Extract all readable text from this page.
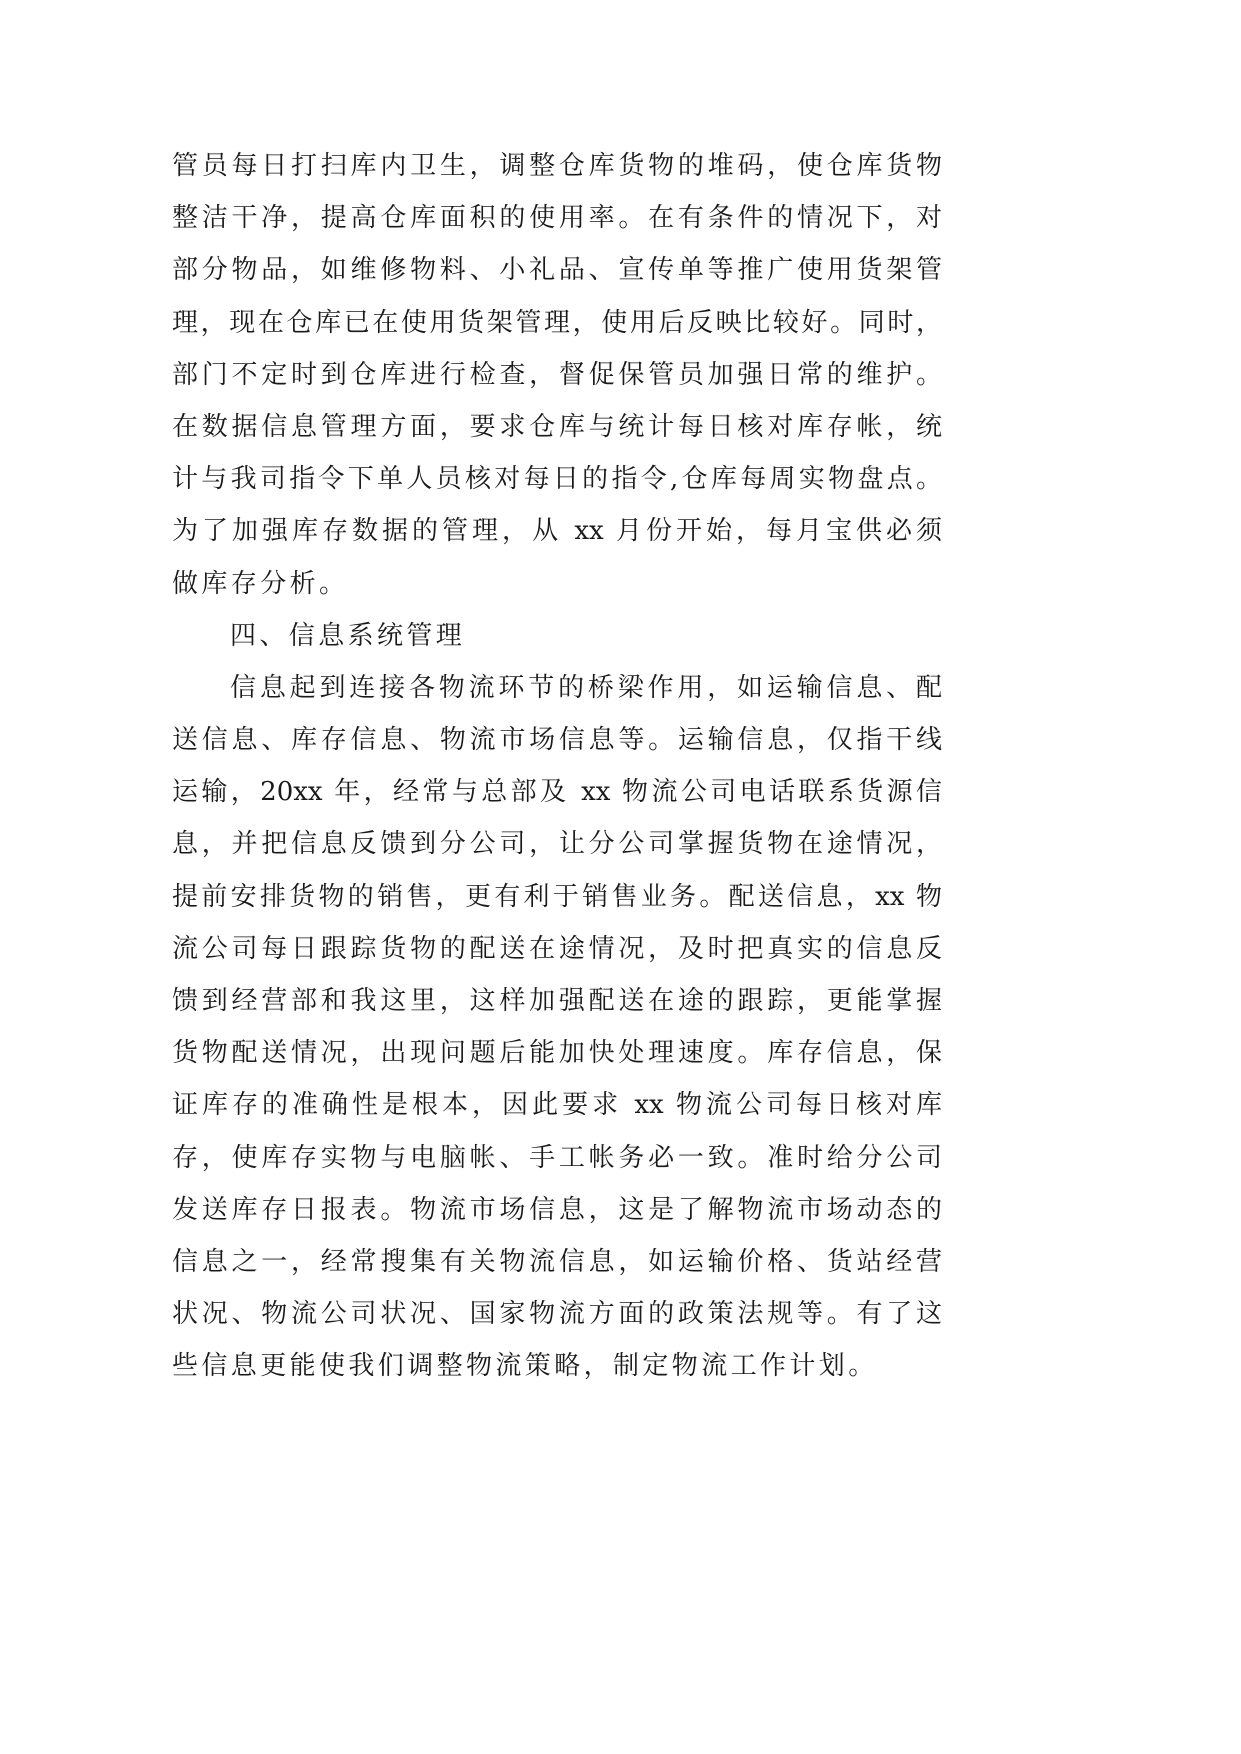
管员每日打扫库内卫生，调整仓库货物的堆码，使仓库货物
整洁干净，提高仓库面积的使用率。在有条件的情况下，对
部分物品，如维修物料、小礼品、宣传单等推广使用货架管
理，现在仓库已在使用货架管理，使用后反映比较好。同时，
部门不定时到仓库进行检查，督促保管员加强日常的维护。
在数据信息管理方面，要求仓库与统计每日核对库存帐，统
计与我司指令下单人员核对每日的指令,仓库每周实物盘点。
为了加强库存数据的管理，从 xx 月份开始，每月宝供必须
做库存分析。
四、信息系统管理
信息起到连接各物流环节的桥梁作用，如运输信息、配
送信息、库存信息、物流市场信息等。运输信息，仅指干线
运输，20xx 年，经常与总部及 xx 物流公司电话联系货源信
息，并把信息反馈到分公司，让分公司掌握货物在途情况，
提前安排货物的销售，更有利于销售业务。配送信息，xx 物
流公司每日跟踪货物的配送在途情况，及时把真实的信息反
馈到经营部和我这里，这样加强配送在途的跟踪，更能掌握
货物配送情况，出现问题后能加快处理速度。库存信息，保
证库存的准确性是根本，因此要求 xx 物流公司每日核对库
存，使库存实物与电脑帐、手工帐务必一致。准时给分公司
发送库存日报表。物流市场信息，这是了解物流市场动态的
信息之一，经常搜集有关物流信息，如运输价格、货站经营
状况、物流公司状况、国家物流方面的政策法规等。有了这
些信息更能使我们调整物流策略，制定物流工作计划。
